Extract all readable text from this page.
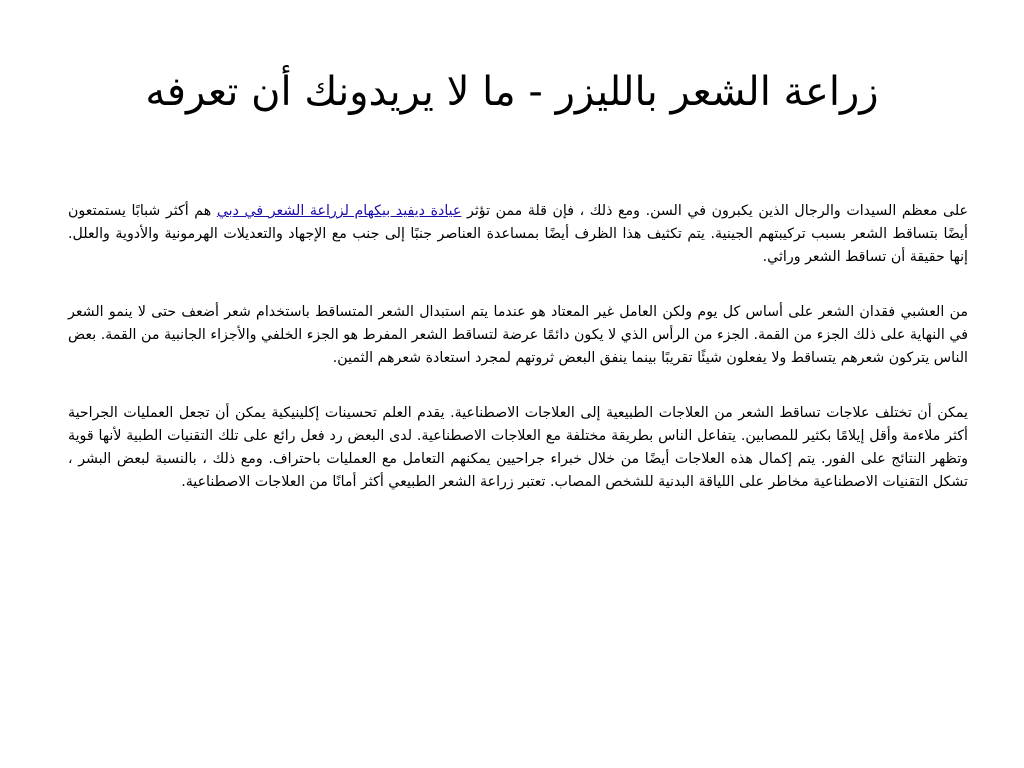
زراعة الشعر بالليزر - ما لا يريدونك أن تعرفه

على معظم السيدات والرجال الذين يكبرون في السن. ومع ذلك ، فإن قلة ممن تؤثر عيادة ديفيد بيكهام لزراعة الشعر في دبي هم أكثر شبابًا يستمتعون أيضًا بتساقط الشعر بسبب تركيبتهم الجينية. يتم تكثيف هذا الظرف أيضًا بمساعدة العناصر جنبًا إلى جنب مع الإجهاد والتعديلات الهرمونية والأدوية والعلل. إنها حقيقة أن تساقط الشعر وراثي.

من العشبي فقدان الشعر على أساس كل يوم ولكن العامل غير المعتاد هو عندما يتم استبدال الشعر المتساقط باستخدام شعر أضعف حتى لا ينمو الشعر في النهاية على ذلك الجزء من القمة. الجزء من الرأس الذي لا يكون دائمًا عرضة لتساقط الشعر المفرط هو الجزء الخلفي والأجزاء الجانبية من القمة. بعض الناس يتركون شعرهم يتساقط ولا يفعلون شيئًا تقريبًا بينما ينفق البعض ثروتهم لمجرد استعادة شعرهم الثمين.

يمكن أن تختلف علاجات تساقط الشعر من العلاجات الطبيعية إلى العلاجات الاصطناعية. يقدم العلم تحسينات إكلينيكية يمكن أن تجعل العمليات الجراحية أكثر ملاءمة وأقل إيلامًا بكثير للمصابين. يتفاعل الناس بطريقة مختلفة مع العلاجات الاصطناعية. لدى البعض رد فعل رائع على تلك التقنيات الطبية لأنها قوية وتظهر النتائج على الفور. يتم إكمال هذه العلاجات أيضًا من خلال خبراء جراحيين يمكنهم التعامل مع العمليات باحتراف. ومع ذلك ، بالنسبة لبعض البشر ، تشكل التقنيات الاصطناعية مخاطر على اللياقة البدنية للشخص المصاب. تعتبر زراعة الشعر الطبيعي أكثر أمانًا من العلاجات الاصطناعية.
